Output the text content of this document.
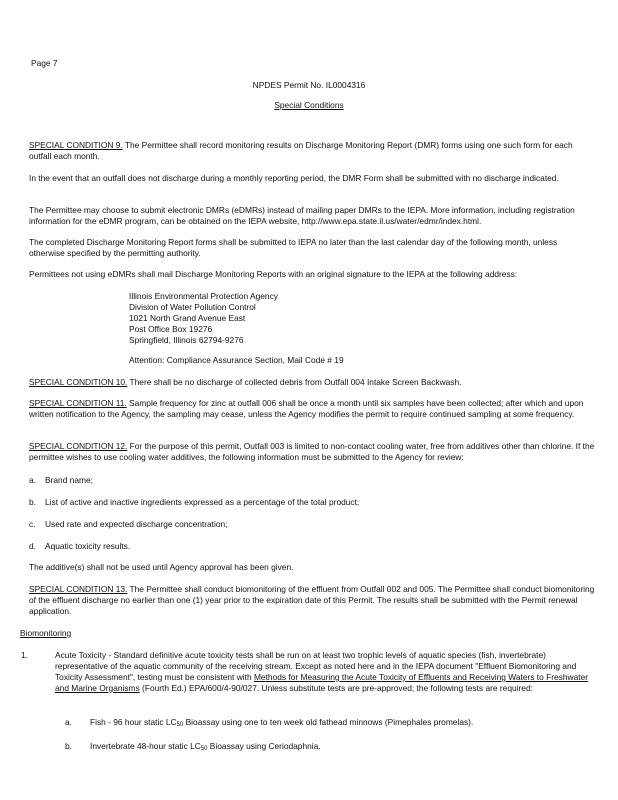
Page 7
NPDES Permit No. IL0004316
Special Conditions
SPECIAL CONDITION 9. The Permittee shall record monitoring results on Discharge Monitoring Report (DMR) forms using one such form for each outfall each month.
In the event that an outfall does not discharge during a monthly reporting period, the DMR Form shall be submitted with no discharge indicated.
The Permittee may choose to submit electronic DMRs (eDMRs) instead of mailing paper DMRs to the IEPA. More information, including registration information for the eDMR program, can be obtained on the IEPA website, http://www.epa.state.il.us/water/edmr/index.html.
The completed Discharge Monitoring Report forms shall be submitted to IEPA no later than the last calendar day of the following month, unless otherwise specified by the permitting authority.
Permittees not using eDMRs shall mail Discharge Monitoring Reports with an original signature to the IEPA at the following address:
Illinois Environmental Protection Agency
Division of Water Pollution Control
1021 North Grand Avenue East
Post Office Box 19276
Springfield, Illinois 62794-9276
Attention: Compliance Assurance Section, Mail Code # 19
SPECIAL CONDITION 10. There shall be no discharge of collected debris from Outfall 004 Intake Screen Backwash.
SPECIAL CONDITION 11. Sample frequency for zinc at outfall 006 shall be once a month until six samples have been collected; after which and upon written notification to the Agency, the sampling may cease, unless the Agency modifies the permit to require continued sampling at some frequency.
SPECIAL CONDITION 12. For the purpose of this permit, Outfall 003 is limited to non-contact cooling water, free from additives other than chlorine. If the permittee wishes to use cooling water additives, the following information must be submitted to the Agency for review:
a. Brand name;
b. List of active and inactive ingredients expressed as a percentage of the total product;
c. Used rate and expected discharge concentration;
d. Aquatic toxicity results.
The additive(s) shall not be used until Agency approval has been given.
SPECIAL CONDITION 13. The Permittee shall conduct biomonitoring of the effluent from Outfall 002 and 005. The Permittee shall conduct biomonitoring of the effluent discharge no earlier than one (1) year prior to the expiration date of this Permit. The results shall be submitted with the Permit renewal application.
Biomonitoring
1.	Acute Toxicity - Standard definitive acute toxicity tests shall be run on at least two trophic levels of aquatic species (fish, invertebrate) representative of the aquatic community of the receiving stream. Except as noted here and in the IEPA document "Effluent Biomonitoring and Toxicity Assessment", testing must be consistent with Methods for Measuring the Acute Toxicity of Effluents and Receiving Waters to Freshwater and Marine Organisms (Fourth Ed.) EPA/600/4-90/027. Unless substitute tests are pre-approved; the following tests are required:
a. Fish - 96 hour static $LC_{50}$ Bioassay using one to ten week old fathead minnows (Pimephales promelas).
b. Invertebrate 48-hour static $LC_{50}$ Bioassay using Ceriodaphnia.
